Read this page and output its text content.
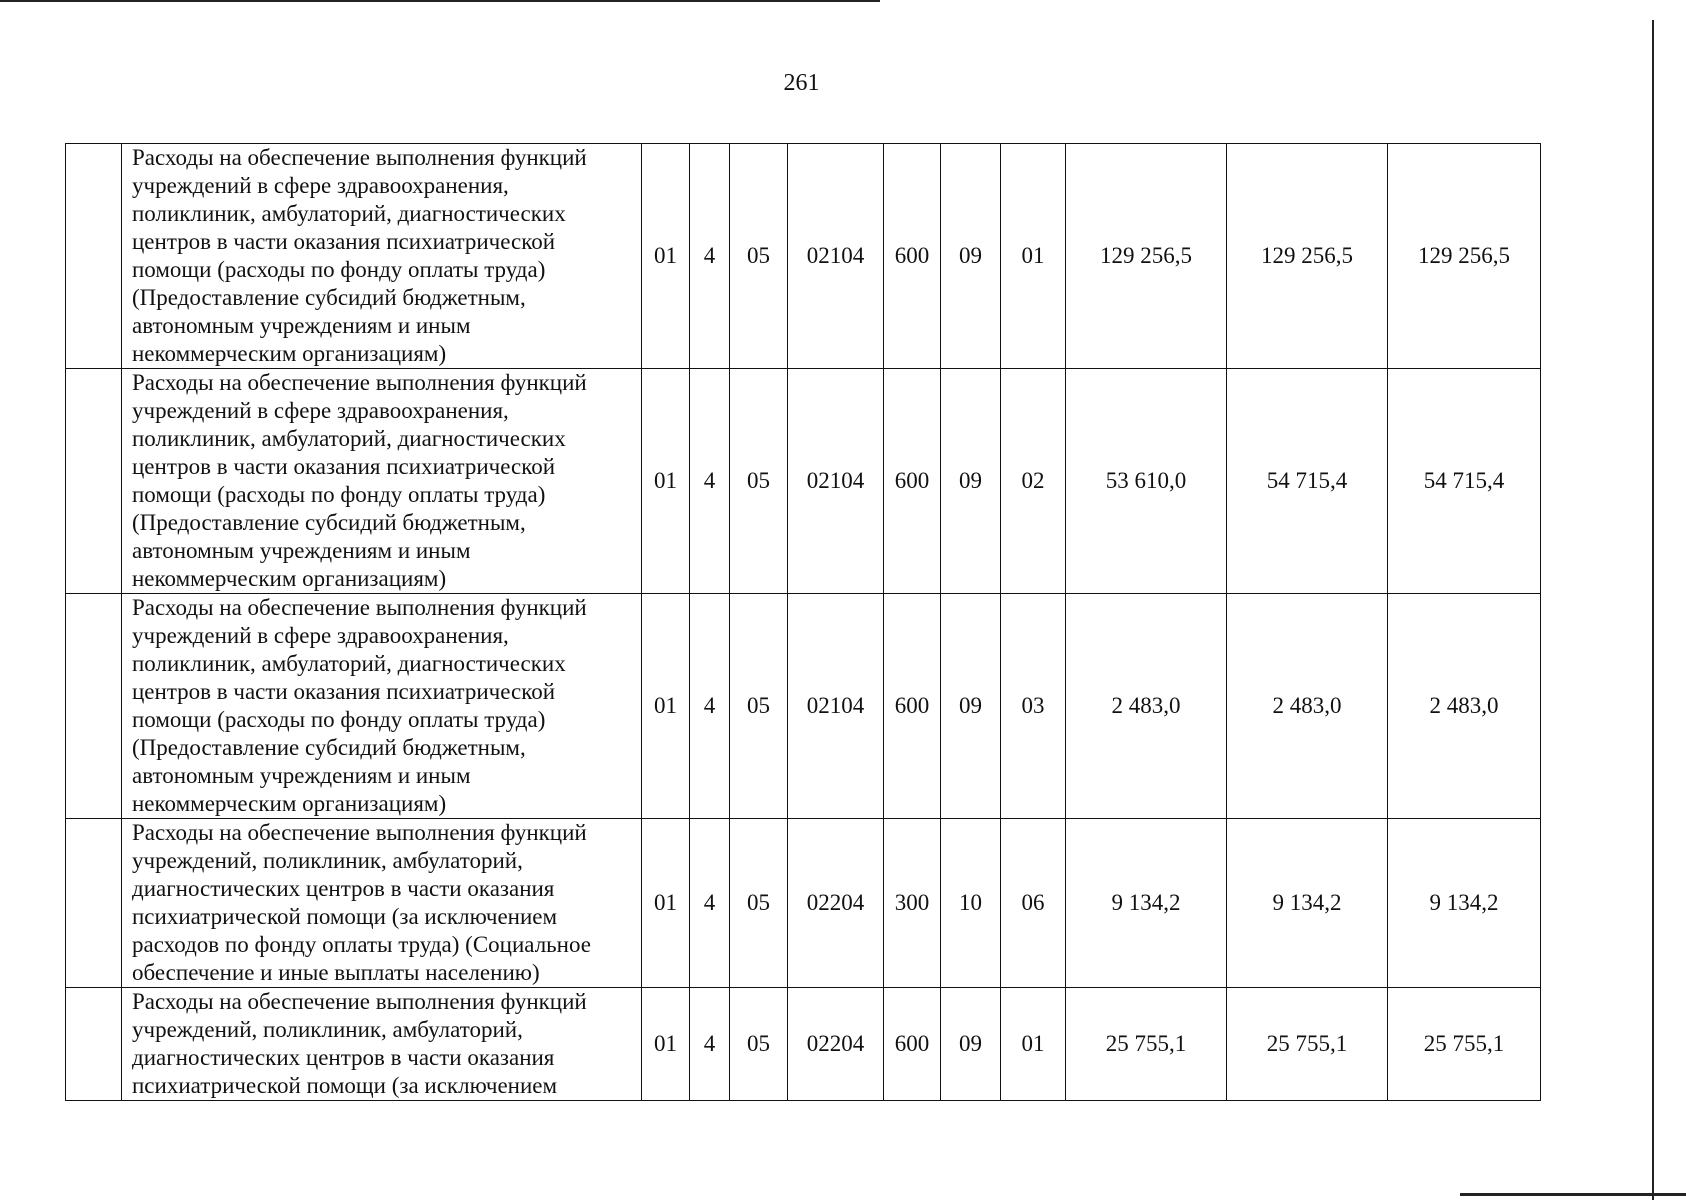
261

	Расходы на обеспечение выполнения функций учреждений в сфере здравоохранения, поликлиник, амбулаторий, диагностических центров в части оказания психиатрической помощи (расходы по фонду оплаты труда) (Предоставление субсидий бюджетным, автономным учреждениям и иным некоммерческим организациям)	01	4	05	02104	600	09	01	129 256,5	129 256,5	129 256,5

	Расходы на обеспечение выполнения функций учреждений в сфере здравоохранения, поликлиник, амбулаторий, диагностических центров в части оказания психиатрической помощи (расходы по фонду оплаты труда) (Предоставление субсидий бюджетным, автономным учреждениям и иным некоммерческим организациям)	01	4	05	02104	600	09	02	53 610,0	54 715,4	54 715,4

	Расходы на обеспечение выполнения функций учреждений в сфере здравоохранения, поликлиник, амбулаторий, диагностических центров в части оказания психиатрической помощи (расходы по фонду оплаты труда) (Предоставление субсидий бюджетным, автономным учреждениям и иным некоммерческим организациям)	01	4	05	02104	600	09	03	2 483,0	2 483,0	2 483,0

	Расходы на обеспечение выполнения функций учреждений, поликлиник, амбулаторий, диагностических центров в части оказания психиатрической помощи (за исключением расходов по фонду оплаты труда) (Социальное обеспечение и иные выплаты населению)	01	4	05	02204	300	10	06	9 134,2	9 134,2	9 134,2

	Расходы на обеспечение выполнения функций учреждений, поликлиник, амбулаторий, диагностических центров в части оказания психиатрической помощи (за исключением	01	4	05	02204	600	09	01	25 755,1	25 755,1	25 755,1
